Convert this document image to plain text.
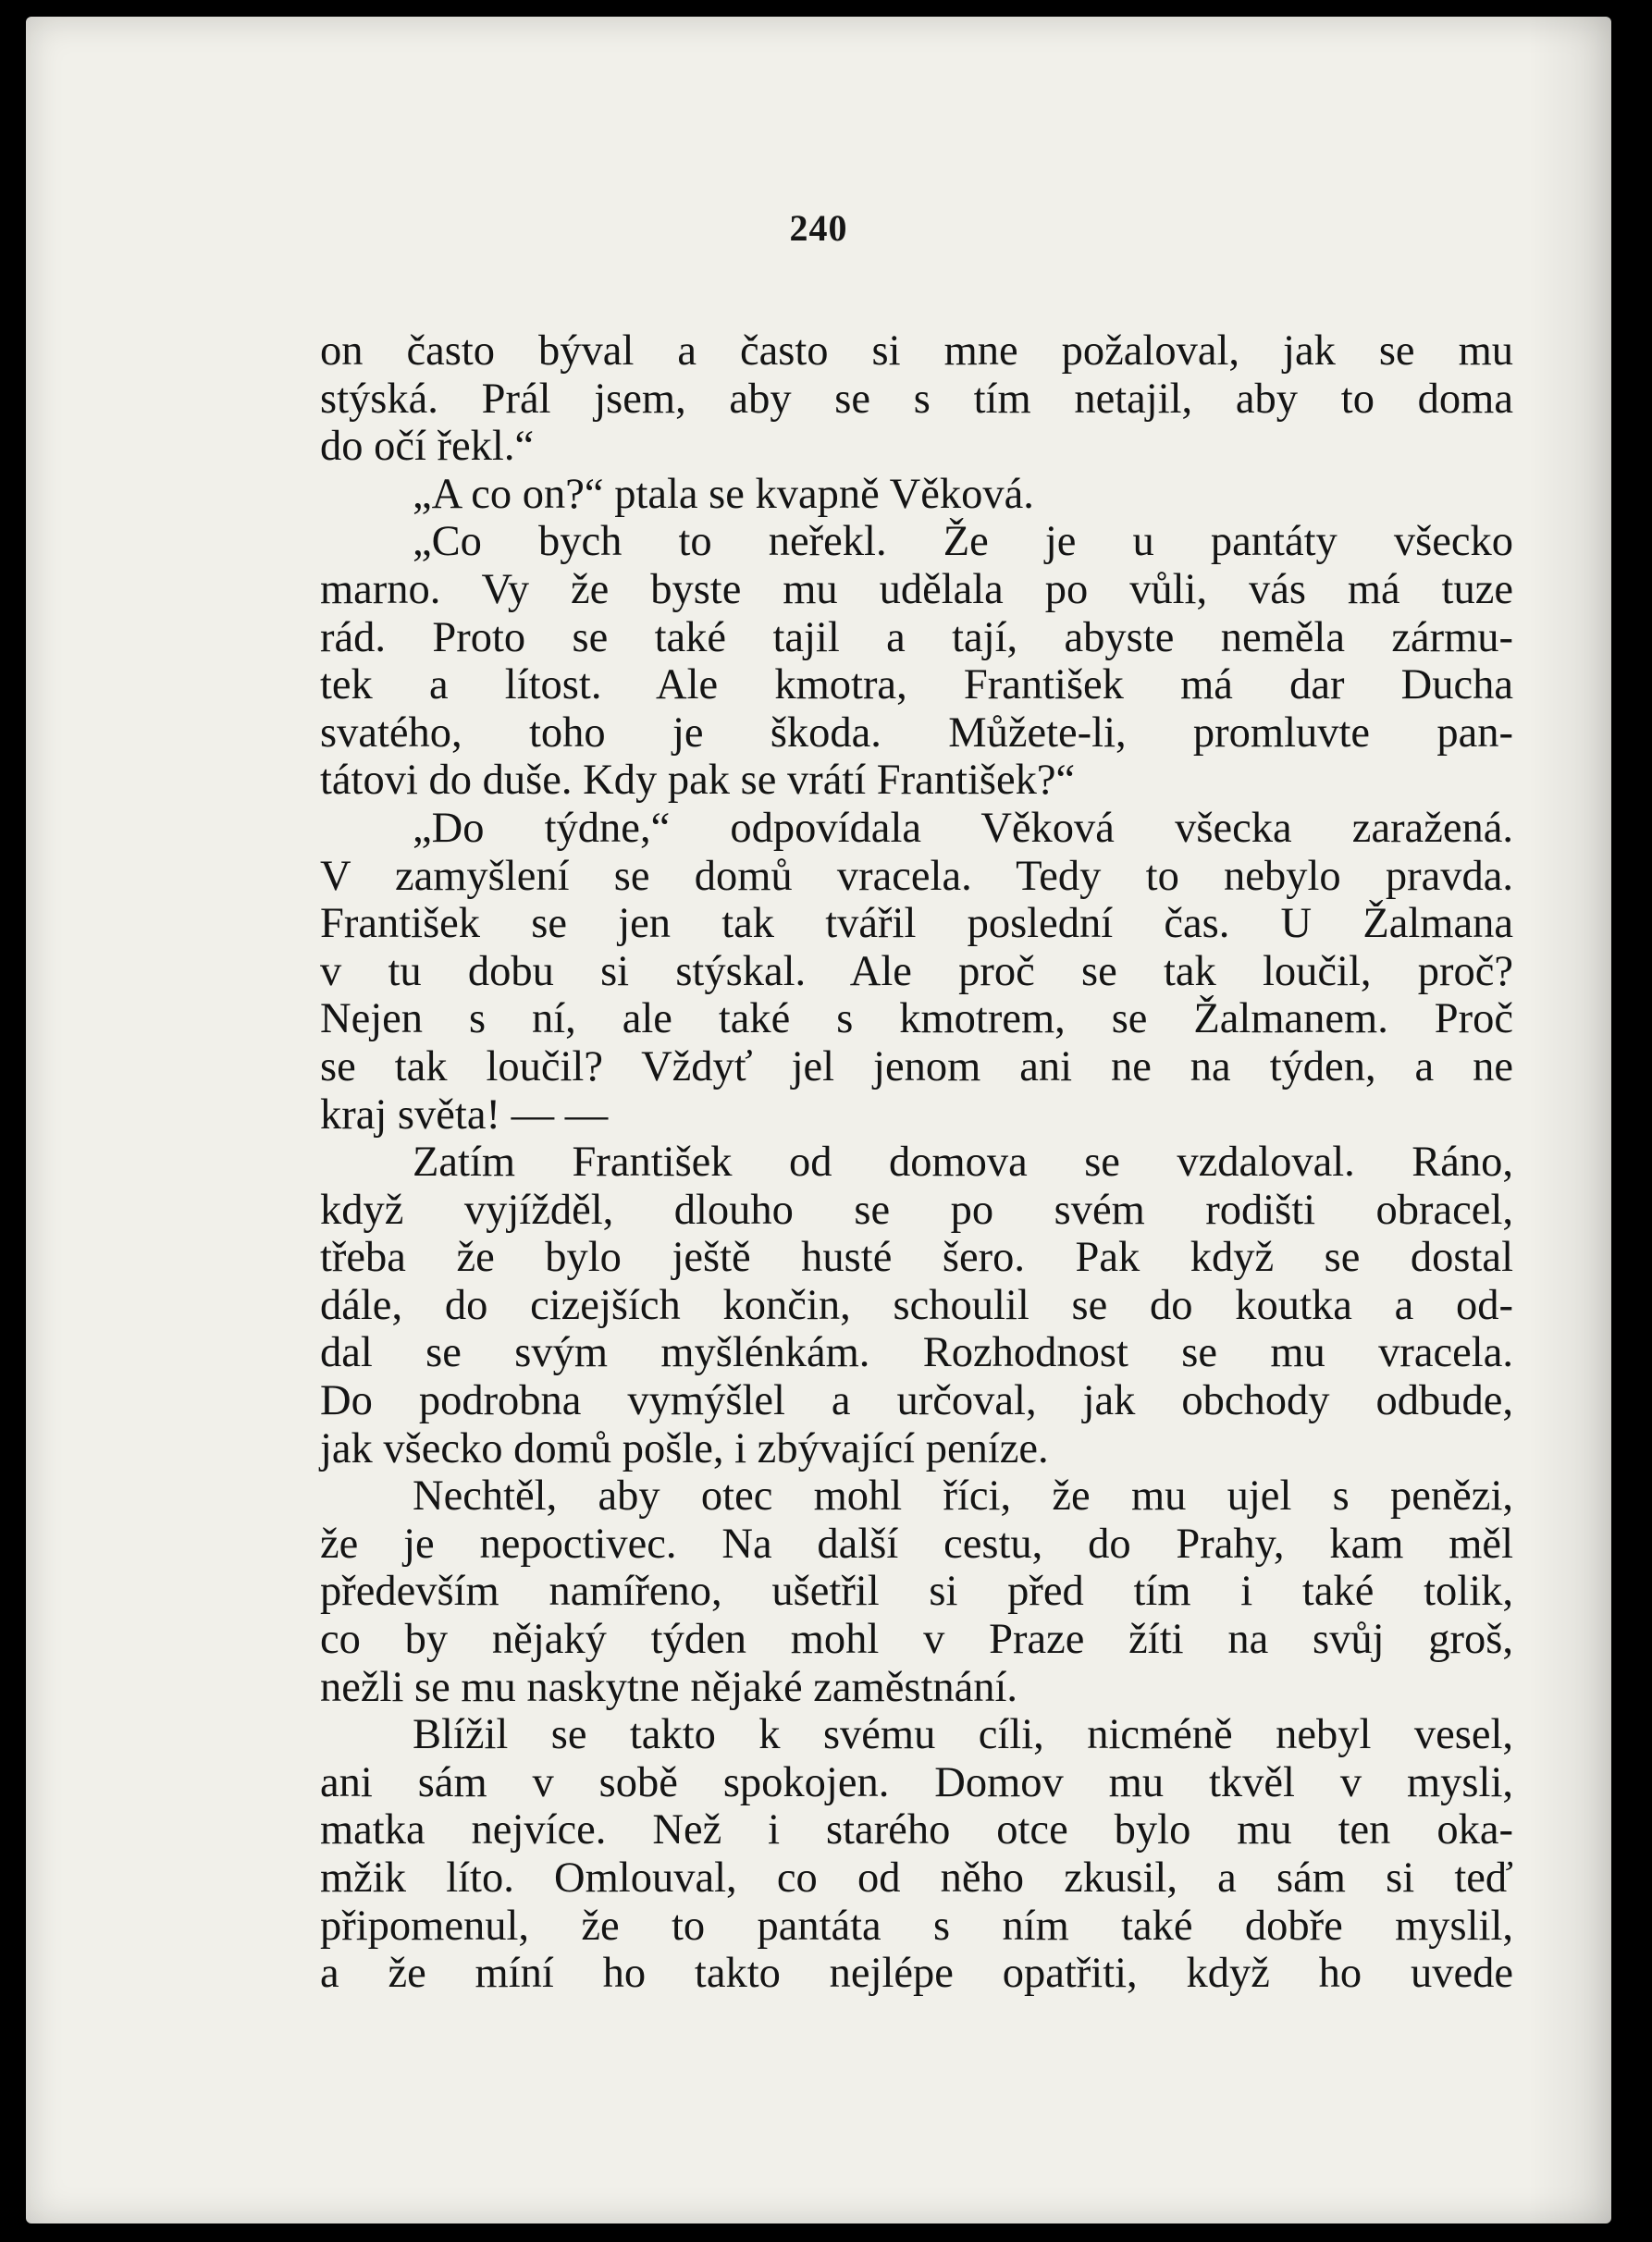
240
on často býval a často si mne požaloval, jak se mu
stýská. Prál jsem, aby se s tím netajil, aby to doma
do očí řekl.“
„A co on?“ ptala se kvapně Věková.
„Co bych to neřekl. Že je u pantáty všecko
marno. Vy že byste mu udělala po vůli, vás má tuze
rád. Proto se také tajil a tají, abyste neměla zármu-
tek a lítost. Ale kmotra, František má dar Ducha
svatého, toho je škoda. Můžete-li, promluvte pan-
tátovi do duše. Kdy pak se vrátí František?“
„Do týdne,“ odpovídala Věková všecka zaražená.
V zamyšlení se domů vracela. Tedy to nebylo pravda.
František se jen tak tvářil poslední čas. U Žalmana
v tu dobu si stýskal. Ale proč se tak loučil, proč?
Nejen s ní, ale také s kmotrem, se Žalmanem. Proč
se tak loučil? Vždyť jel jenom ani ne na týden, a ne
kraj světa! — —
Zatím František od domova se vzdaloval. Ráno,
když vyjížděl, dlouho se po svém rodišti obracel,
třeba že bylo ještě husté šero. Pak když se dostal
dále, do cizejších končin, schoulil se do koutka a od-
dal se svým myšlénkám. Rozhodnost se mu vracela.
Do podrobna vymýšlel a určoval, jak obchody odbude,
jak všecko domů pošle, i zbývající peníze.
Nechtěl, aby otec mohl říci, že mu ujel s penězi,
že je nepoctivec. Na další cestu, do Prahy, kam měl
především namířeno, ušetřil si před tím i také tolik,
co by nějaký týden mohl v Praze žíti na svůj groš,
nežli se mu naskytne nějaké zaměstnání.
Blížil se takto k svému cíli, nicméně nebyl vesel,
ani sám v sobě spokojen. Domov mu tkvěl v mysli,
matka nejvíce. Než i starého otce bylo mu ten oka-
mžik líto. Omlouval, co od něho zkusil, a sám si teď
připomenul, že to pantáta s ním také dobře myslil,
a že míní ho takto nejlépe opatřiti, když ho uvede
